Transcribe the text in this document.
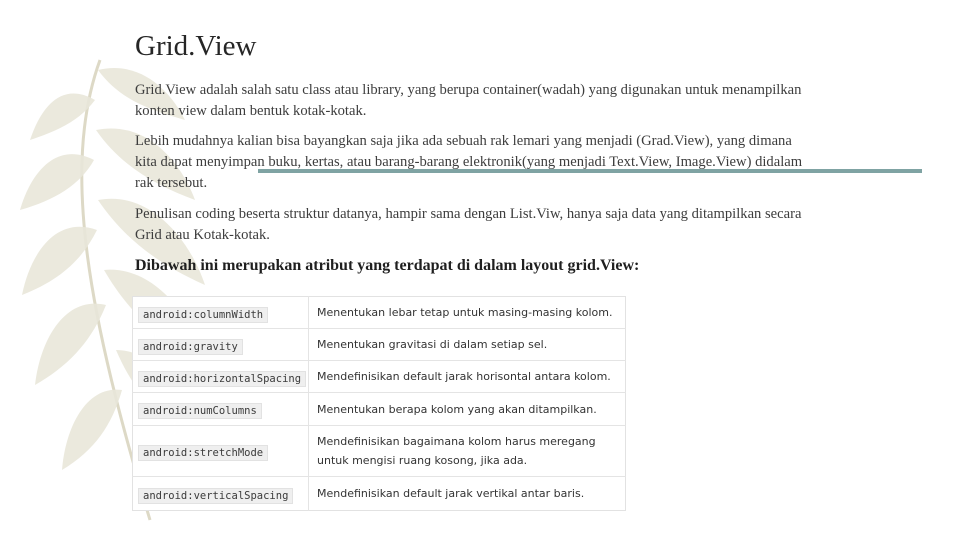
Grid.View

Grid.View adalah salah satu class atau library, yang berupa container(wadah) yang digunakan untuk menampilkan konten view dalam bentuk kotak-kotak.

Lebih mudahnya kalian bisa bayangkan saja jika ada sebuah rak lemari yang menjadi (Grad.View), yang dimana kita dapat menyimpan buku, kertas, atau barang-barang elektronik(yang menjadi Text.View, Image.View) didalam rak tersebut.

Penulisan coding beserta struktur datanya, hampir sama dengan List.Viw, hanya saja data yang ditampilkan secara Grid atau Kotak-kotak.

Dibawah ini merupakan atribut yang terdapat di dalam layout grid.View:

android:columnWidth	Menentukan lebar tetap untuk masing-masing kolom.

android:gravity	Menentukan gravitasi di dalam setiap sel.

android:horizontalSpacing	Mendefinisikan default jarak horisontal antara kolom.

android:numColumns	Menentukan berapa kolom yang akan ditampilkan.

android:stretchMode	Mendefinisikan bagaimana kolom harus meregang untuk mengisi ruang kosong, jika ada.

android:verticalSpacing	Mendefinisikan default jarak vertikal antar baris.
